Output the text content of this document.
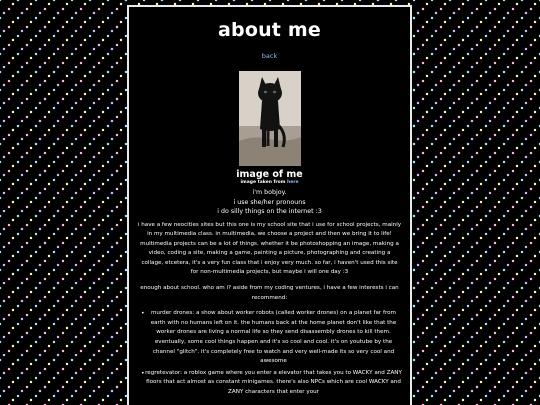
about me
back

image of me

image taken from here

i'm bobjoy.

i use she/her pronouns

i do silly things on the internet :3

i have a few neocities sites but this one is my school site that i use for school projects, mainly in my multimedia class. in multimedia, we choose a project and then we bring it to life! multimedia projects can be a lot of things. whether it be photoshopping an image, making a video, coding a site, making a game, painting a picture, photographing and creating a collage, etcetera, it's a very fun class that i enjoy very much. so far, i haven't used this site for non-multimedia projects, but maybe i will one day :3

enough about school. who am i? aside from my coding ventures, i have a few interests i can recommend:

• murder drones: a show about worker robots (called worker drones) on a planet far from earth with no humans left on it. the humans back at the home planet don't like that the worker drones are living a normal life so they send disassembly drones to kill them. eventually, some cool things happen and it's so cool and cool. it's on youtube by the channel "glitch". it's completely free to watch and very well-made its so very cool and awesome
• regretevator: a roblox game where you enter a elevator that takes you to WACKY and ZANY floors that act almost as constant minigames. there's also NPCs which are cool WACKY and ZANY characters that enter your
